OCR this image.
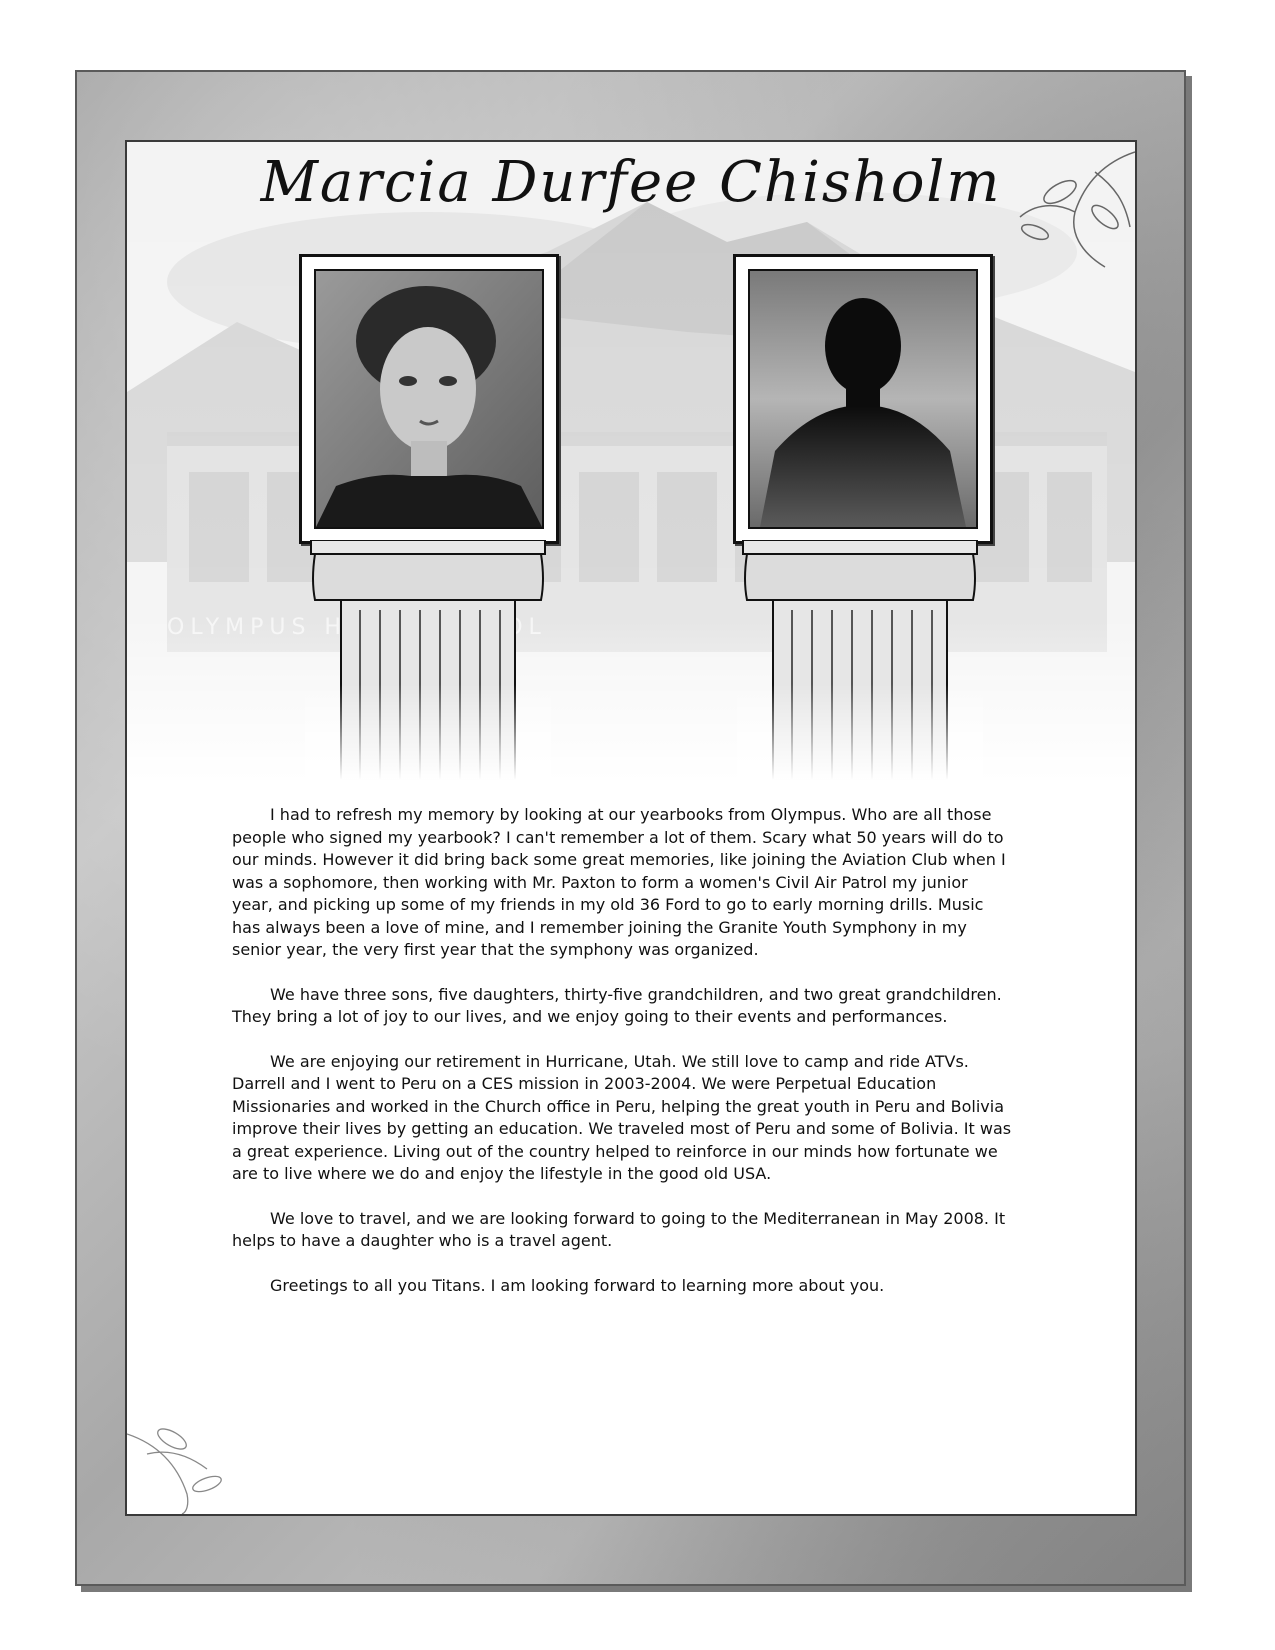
Marcia Durfee Chisholm

I had to refresh my memory by looking at our yearbooks from Olympus. Who are all those people who signed my yearbook? I can't remember a lot of them. Scary what 50 years will do to our minds. However it did bring back some great memories, like joining the Aviation Club when I was a sophomore, then working with Mr. Paxton to form a women's Civil Air Patrol my junior year, and picking up some of my friends in my old 36 Ford to go to early morning drills. Music has always been a love of mine, and I remember joining the Granite Youth Symphony in my senior year, the very first year that the symphony was organized.

We have three sons, five daughters, thirty-five grandchildren, and two great grandchildren. They bring a lot of joy to our lives, and we enjoy going to their events and performances.

We are enjoying our retirement in Hurricane, Utah. We still love to camp and ride ATVs. Darrell and I went to Peru on a CES mission in 2003-2004. We were Perpetual Education Missionaries and worked in the Church office in Peru, helping the great youth in Peru and Bolivia improve their lives by getting an education. We traveled most of Peru and some of Bolivia. It was a great experience. Living out of the country helped to reinforce in our minds how fortunate we are to live where we do and enjoy the lifestyle in the good old USA.

We love to travel, and we are looking forward to going to the Mediterranean in May 2008. It helps to have a daughter who is a travel agent.

Greetings to all you Titans. I am looking forward to learning more about you.
